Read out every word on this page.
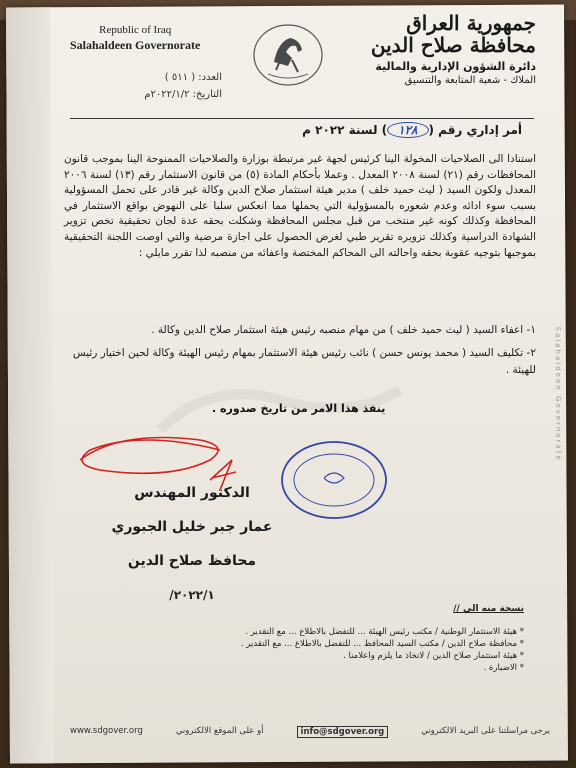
Salahaldeen Governorate
Republic of Iraq
Salahaldeen Governorate
جمهورية العراق
محافظة صلاح الدين
دائرة الشؤون الإدارية والمالية
الملاك - شعبة المتابعة والتنسيق
العدد: ( ٥١١ )
التاريخ: ٢٠٢٢/١/٢م
أمر إداري رقم (١٢٨) لسنة ٢٠٢٢ م
استنادا الى الصلاحيات المخولة الينا كرئيس لجهة غير مرتبطة بوزارة والصلاحيات الممنوحة الينا بموجب قانون المحافظات رقم (٢١) لسنة ٢٠٠٨ المعدل . وعملا بأحكام المادة (٥) من قانون الاستثمار رقم (١٣) لسنة ٢٠٠٦ المعدل ولكون السيد ( ليث حميد خلف ) مدير هيئة استثمار صلاح الدين وكالة غير قادر على تحمل المسؤولية بسبب سوء ادائه وعدم شعوره بالمسؤولية التي يحملها مما انعكس سلبا على النهوض بواقع الاستثمار في المحافظة وكذلك كونه غير منتخب من قبل مجلس المحافظة وشكلت بحقه عدة لجان تحقيقية تخص تزوير الشهادة الدراسية وكذلك تزويره تقرير طبي لغرض الحصول على اجازة مرضية والتي اوصت اللجنة التحقيقية بموجبها بتوجيه عقوبة بحقه واحالته الى المحاكم المختصة واعفائه من منصبه لذا تقرر مايلي :
١- اعفاء السيد ( ليث حميد خلف ) من مهام منصبه رئيس هيئة استثمار صلاح الدين وكالة .
٢- تكليف السيد ( محمد يونس حسن ) نائب رئيس هيئة الاستثمار بمهام رئيس الهيئة وكالة لحين اختيار رئيس للهيئة .
ينفذ هذا الامر من تاريخ صدوره .
الدكتور المهندس
عمار جبر خليل الجبوري
محافظ صلاح الدين
٢٠٢٢/١/
نسخة منه الى //
* هيئة الاستثمار الوطنية / مكتب رئيس الهيئة ... للتفضل بالاطلاع ... مع التقدير .
* محافظة صلاح الدين / مكتب السيد المحافظ ... للتفضل بالاطلاع ... مع التقدير .
* هيئة استثمار صلاح الدين / لاتخاذ ما يلزم واعلامنا .
* الاضبارة .
يرجى مراسلتنا على البريد الالكتروني
info@sdgover.org
أو على الموقع الالكتروني
www.sdgover.org
